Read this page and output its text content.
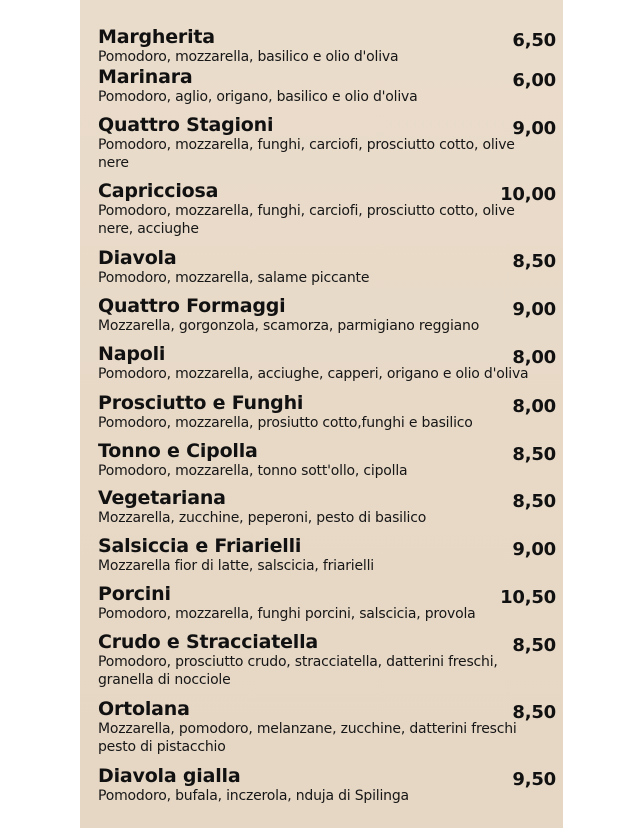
Margherita	6,50
Pomodoro, mozzarella, basilico e olio d'oliva
Marinara	6,00
Pomodoro, aglio, origano, basilico e olio d'oliva
Quattro Stagioni	9,00
Pomodoro, mozzarella, funghi, carciofi, prosciutto cotto, olive nere
Capricciosa	10,00
Pomodoro, mozzarella, funghi, carciofi, prosciutto cotto, olive nere, acciughe
Diavola	8,50
Pomodoro, mozzarella, salame piccante
Quattro Formaggi	9,00
Mozzarella, gorgonzola, scamorza, parmigiano reggiano
Napoli	8,00
Pomodoro, mozzarella, acciughe, capperi, origano e olio d'oliva
Prosciutto e Funghi	8,00
Pomodoro, mozzarella, prosiutto cotto,funghi e basilico
Tonno e Cipolla	8,50
Pomodoro, mozzarella, tonno sott'ollo, cipolla
Vegetariana	8,50
Mozzarella, zucchine, peperoni, pesto di basilico
Salsiccia e Friarielli	9,00
Mozzarella fior di latte, salscicia, friarielli
Porcini	10,50
Pomodoro, mozzarella, funghi porcini, salscicia, provola
Crudo e Stracciatella	8,50
Pomodoro, prosciutto crudo, stracciatella, datterini freschi, granella di nocciole
Ortolana	8,50
Mozzarella, pomodoro, melanzane, zucchine, datterini freschi pesto di pistacchio
Diavola gialla	9,50
Pomodoro, bufala, inczerola, nduja di Spilinga
